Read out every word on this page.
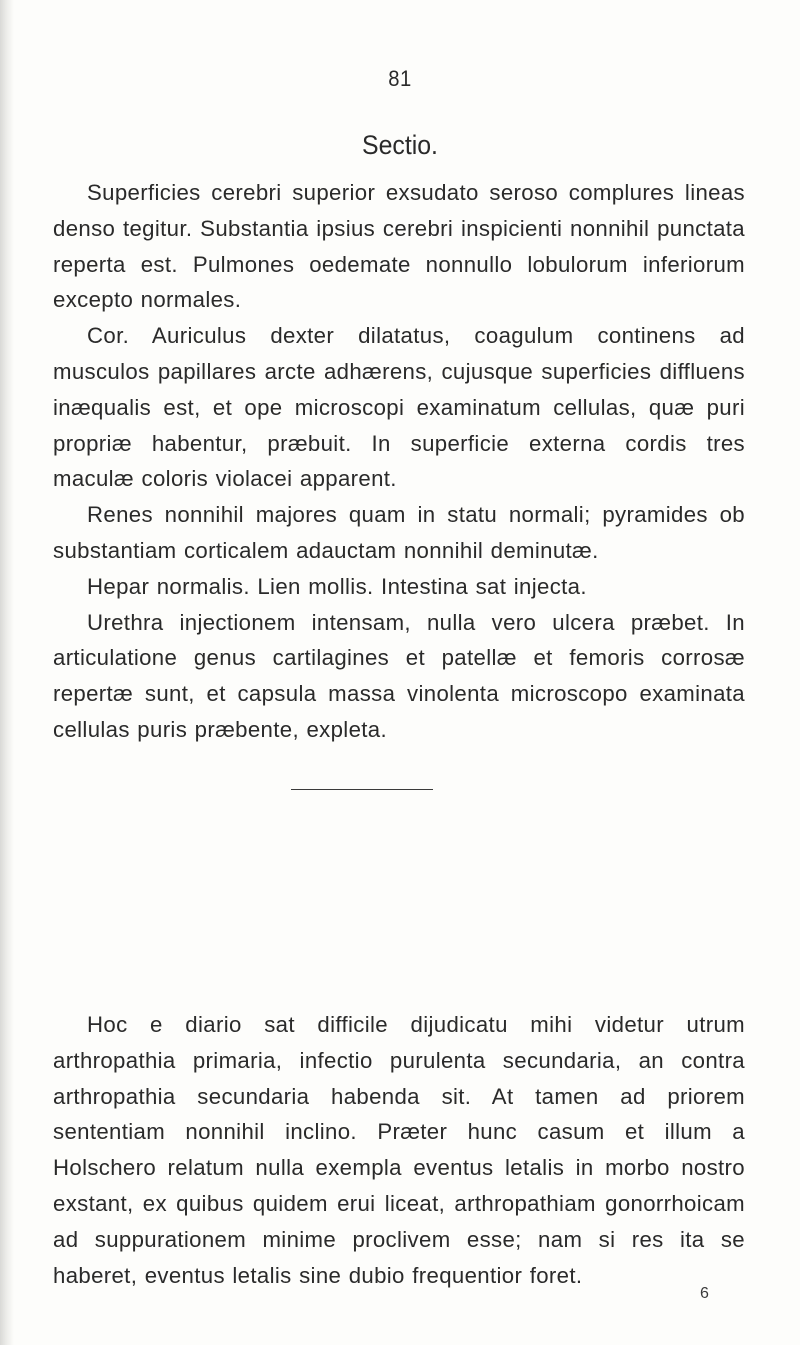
81
Sectio.

Superficies cerebri superior exsudato seroso complures lineas denso tegitur. Substantia ipsius cerebri inspicienti nonnihil punctata reperta est. Pulmones oedemate nonnullo lobulorum inferiorum excepto normales.

Cor. Auriculus dexter dilatatus, coagulum continens ad musculos papillares arcte adhærens, cujusque superficies diffluens inæqualis est, et ope microscopi examinatum cellulas, quæ puri propriæ habentur, præbuit. In superficie externa cordis tres maculæ coloris violacei apparent.

Renes nonnihil majores quam in statu normali; pyramides ob substantiam corticalem adauctam nonnihil deminutæ.

Hepar normalis. Lien mollis. Intestina sat injecta.

Urethra injectionem intensam, nulla vero ulcera præbet. In articulatione genus cartilagines et patellæ et femoris corrosæ repertæ sunt, et capsula massa vinolenta microscopo examinata cellulas puris præbente, expleta.

Hoc e diario sat difficile dijudicatu mihi videtur utrum arthropathia primaria, infectio purulenta secundaria, an contra arthropathia secundaria habenda sit. At tamen ad priorem sententiam nonnihil inclino. Præter hunc casum et illum a Holschero relatum nulla exempla eventus letalis in morbo nostro exstant, ex quibus quidem erui liceat, arthropathiam gonorrhoicam ad suppurationem minime proclivem esse; nam si res ita se haberet, eventus letalis sine dubio frequentior foret.

6
